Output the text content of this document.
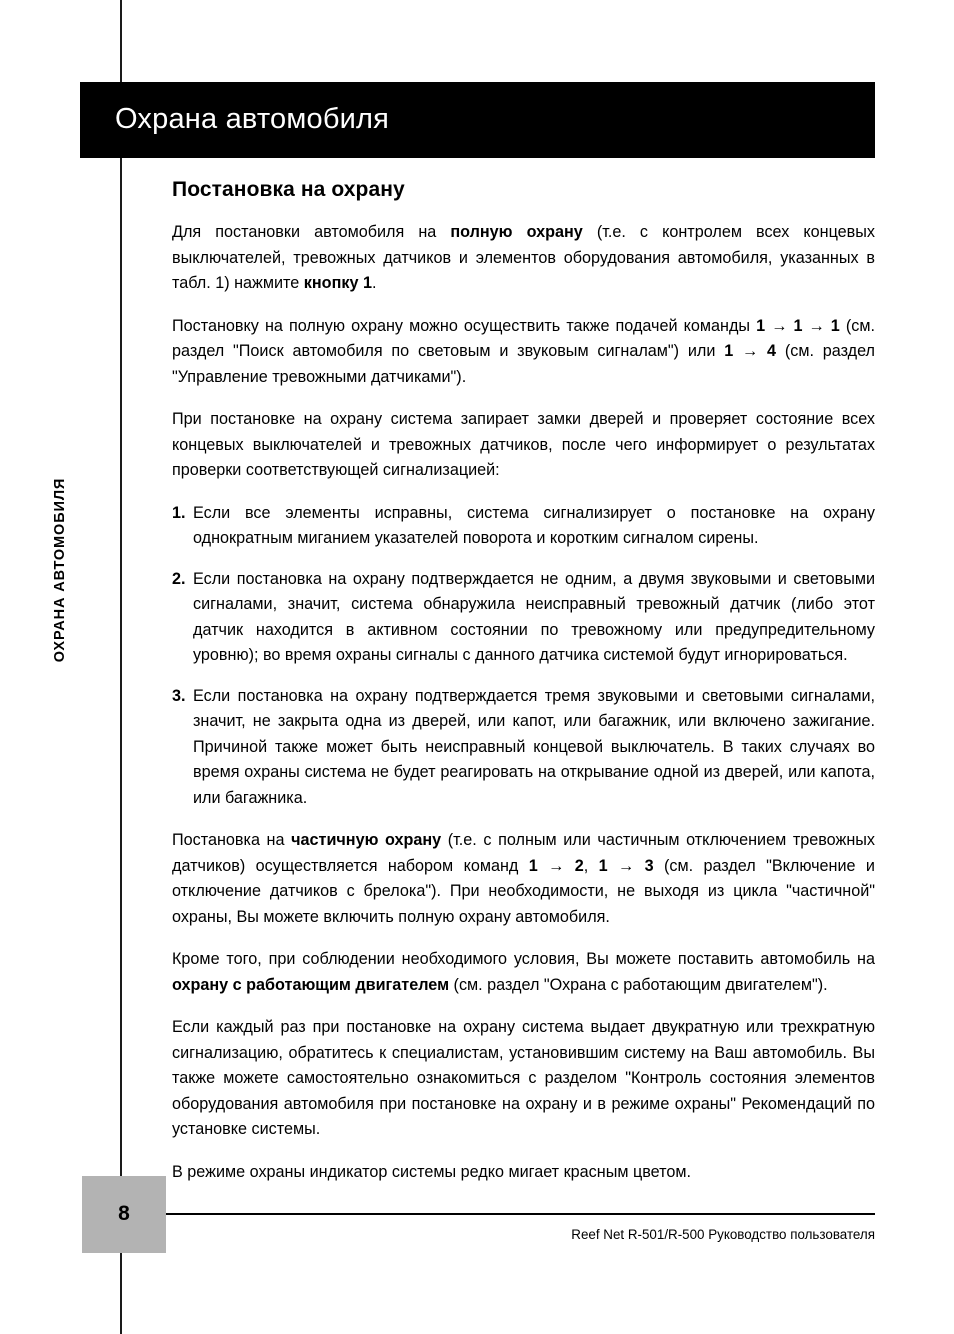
Охрана автомобиля
ОХРАНА АВТОМОБИЛЯ
Постановка на охрану

Для постановки автомобиля на полную охрану (т.е. с контролем всех концевых выключателей, тревожных датчиков и элементов оборудования автомобиля, указанных в табл. 1) нажмите кнопку 1.

Постановку на полную охрану можно осуществить также подачей команды 1 → 1 → 1 (см. раздел "Поиск автомобиля по световым и звуковым сигналам") или 1 → 4 (см. раздел "Управление тревожными датчиками").

При постановке на охрану система запирает замки дверей и проверяет состояние всех концевых выключателей и тревожных датчиков, после чего информирует о результатах проверки соответствующей сигнализацией:

1. Если все элементы исправны, система сигнализирует о постановке на охрану однократным миганием указателей поворота и коротким сигналом сирены.
2. Если постановка на охрану подтверждается не одним, а двумя звуковыми и световыми сигналами, значит, система обнаружила неисправный тревожный датчик (либо этот датчик находится в активном состоянии по тревожному или предупредительному уровню); во время охраны сигналы с данного датчика системой будут игнорироваться.
3. Если постановка на охрану подтверждается тремя звуковыми и световыми сигналами, значит, не закрыта одна из дверей, или капот, или багажник, или включено зажигание. Причиной также может быть неисправный концевой выключатель. В таких случаях во время охраны система не будет реагировать на открывание одной из дверей, или капота, или багажника.

Постановка на частичную охрану (т.е. с полным или частичным отключением тревожных датчиков) осуществляется набором команд 1 → 2, 1 → 3 (см. раздел "Включение и отключение датчиков с брелока"). При необходимости, не выходя из цикла "частичной" охраны, Вы можете включить полную охрану автомобиля.

Кроме того, при соблюдении необходимого условия, Вы можете поставить автомобиль на охрану с работающим двигателем (см. раздел "Охрана с работающим двигателем").

Если каждый раз при постановке на охрану система выдает двукратную или трехкратную сигнализацию, обратитесь к специалистам, установившим систему на Ваш автомобиль. Вы также можете самостоятельно ознакомиться с разделом "Контроль состояния элементов оборудования автомобиля при постановке на охрану и в режиме охраны" Рекомендаций по установке системы.

В режиме охраны индикатор системы редко мигает красным цветом.

8
Reef Net R-501/R-500 Руководство пользователя
